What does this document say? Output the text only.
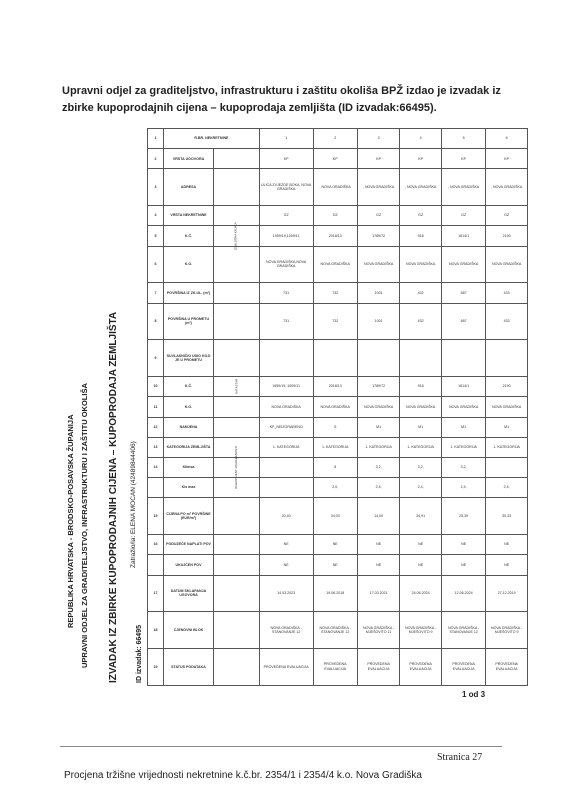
Upravni odjel za graditeljstvo, infrastrukturu i zaštitu okoliša BPŽ izdao je izvadak iz zbirke kupoprodajnih cijena – kupoprodaja zemljišta (ID izvadak:66495).
REPUBLIKA HRVATSKA - BRODSKO-POSAVSKA ŽUPANIJA UPRAVNI ODJEL ZA GRADITELJSTVO, INFRASTRUKTURU I ZAŠTITU OKOLIŠA IZVADAK IZ ZBIRKE KUPOPRODAJNIH CIJENA – KUPOPRODAJA ZEMLJIŠTA Zatražio/la: ELENA MOCAN (42489844406)
ID izvadak: 66495
1	R.BR. NEKRETNINE		1	2	3	4	5	6
2	VRSTA UGOVORA		KP	KP	KP	KP	KP	KP
3	ADRESA		ULICA ZVJEZDE BOKA, NOVA GRADIŠKA	, NOVA GRADIŠKA	, NOVA GRADIŠKA	, NOVA GRADIŠKA	, NOVA GRADIŠKA	, NOVA GRADIŠKA
4	VRSTA NEKRETNINE		GZ	GZ	GZ	GZ	GZ	GZ
5	K.Č.	ZEMLJIŠNA KNJIGA	1959/19,1009/11	2018/13	1789/72	918	1814/1	2190
6	K.O.		NOVA GRADIŠKA,NOVA GRADIŠKA	NOVA GRADIŠKA	NOVA GRADIŠKA	NOVA GRADIŠKA	NOVA GRADIŠKA	NOVA GRADIŠKA
7	POVRŠINA IZ ZK.UL. (m²)		731	732	1001	432	687	433
8	POVRŠINA U PROMETU (m²)		731	732	1001	432	687	433
9	SUVLASNIČKI UDIO KOJI JE U PROMETU							
10	K.Č.	KATASTAR	1959/19, 1009/11	2018/13	1789/72	918	1814/1	2190
11	K.O.		NOVA GRADIŠKA	NOVA GRADIŠKA	NOVA GRADIŠKA	NOVA GRADIŠKA	NOVA GRADIŠKA	NOVA GRADIŠKA
12	NAMJENA		KP_NEIZGRAĐENO	S	M1	M1	M1	M1
13	KATEGORIJA ZEMLJIŠTA		1. KATEGORIJA	1. KATEGORIJA	1. KATEGORIJA	1. KATEGORIJA	1. KATEGORIJA	1. KATEGORIJA
14	Klimsa	KOEFICIJENT IZGRAĐENOSTI		8	3,2,	3,2,	3,2,	
	Kis max			2,0,	2,4,	2,4,	2,4,	2,4,
15	CIJENA PO m² POVRŠINE (EUR/m²)		20,40	34,03	14,00	34,91	25,39	30,33
16	PODUZEĆE NAPLATI POV		NE	NE	NE	NE	NE	NE
	UKUJČEN POV		NE	NE	NE	NE	NE	NE
17	DATUM SKLAPANJA UGOVORA		14.03.2023	19.06.2018	17.03.2021	24.06.2024	12.06.2024	27.12.2019
18	CJENOVNI BLOK		NOVA GRADIŠKA - STANOVANJE 12	NOVA GRADIŠKA - STANOVANJE 12	NOVA GRADIŠKA - MJEŠOVITO 11	NOVA GRADIŠKA - MJEŠOVITO 9	NOVA GRADIŠKA - STANOVANJE 12	NOVA GRADIŠKA - MJEŠOVITO 9
19	STATUS PODATAKA		PROVEDENA EVALUACIJA	PROVEDENA EVALUACIJA	PROVEDENA EVALUACIJA	PROVEDENA EVALUACIJA	PROVEDENA EVALUACIJA	PROVEDENA EVALUACIJA
1 od 3
Stranica 27
Procjena tržišne vrijednosti nekretnine k.č.br. 2354/1 i 2354/4 k.o. Nova Gradiška
